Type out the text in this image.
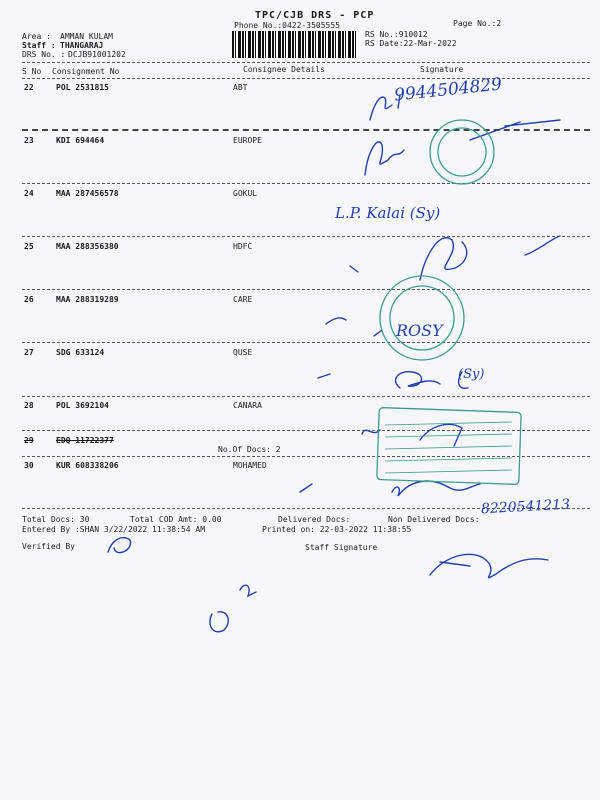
TPC/CJB DRS - PCP
Phone No.:0422-3505555	Page No.:2
Area : AMMAN KULAM
Staff : THANGARAJ
DRS No. : DCJB91001202
RS No.:910012
RS Date:22-Mar-2022
S No Consignment No	Consignee Details	Signature
22	POL 2531815	ABT
23	KDI 694464	EUROPE
24	MAA 287456578	GOKUL
25	MAA 288356380	HDFC
26	MAA 288319289	CARE
27	SDG 633124	QUSE
28	POL 3692104	CANARA
29	EDQ 11722377
No.Of Docs: 2
30	KUR 608338206	MOHAMED
Total Docs: 30	Total COD Amt: 0.00	Delivered Docs:	Non Delivered Docs:
Entered By :SHAN 3/22/2022 11:38:54 AM	Printed on: 22-03-2022 11:38:55
Verified By	Staff Signature
9944504829
L.P. Kalai (Sy)
ROSY
(Sy)
8220541213
